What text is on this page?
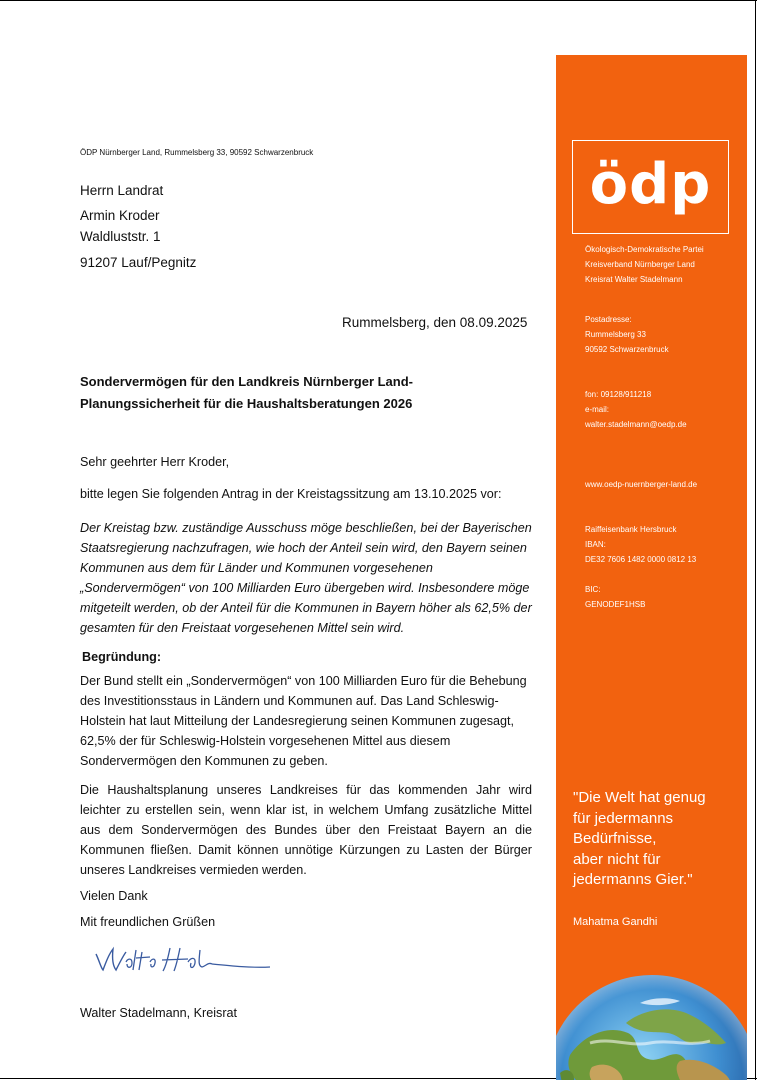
ÖDP Nürnberger Land, Rummelsberg 33, 90592 Schwarzenbruck
Herrn Landrat
Armin Kroder
Waldluststr. 1
91207 Lauf/Pegnitz
Rummelsberg, den 08.09.2025
Sondervermögen für den Landkreis Nürnberger Land-
Planungssicherheit für die Haushaltsberatungen 2026
Sehr geehrter Herr Kroder,
bitte legen Sie folgenden Antrag in der Kreistagssitzung am 13.10.2025 vor:
Der Kreistag bzw. zuständige Ausschuss möge beschließen, bei der Bayerischen Staatsregierung nachzufragen, wie hoch der Anteil sein wird, den Bayern seinen Kommunen aus dem für Länder und Kommunen vorgesehenen „Sondervermögen“ von 100 Milliarden Euro übergeben wird. Insbesondere möge mitgeteilt werden, ob der Anteil für die Kommunen in Bayern höher als 62,5% der gesamten für den Freistaat vorgesehenen Mittel sein wird.
Begründung:
Der Bund stellt ein „Sondervermögen“ von 100 Milliarden Euro für die Behebung des Investitionsstaus in Ländern und Kommunen auf. Das Land Schleswig-Holstein hat laut Mitteilung der Landesregierung seinen Kommunen zugesagt, 62,5% der für Schleswig-Holstein vorgesehenen Mittel aus diesem Sondervermögen den Kommunen zu geben.
Die Haushaltsplanung unseres Landkreises für das kommenden Jahr wird leichter zu erstellen sein, wenn klar ist, in welchem Umfang zusätzliche Mittel aus dem Sondervermögen des Bundes über den Freistaat Bayern an die Kommunen fließen. Damit können unnötige Kürzungen zu Lasten der Bürger unseres Landkreises vermieden werden.
Vielen Dank
Mit freundlichen Grüßen
Walter Stadelmann, Kreisrat
ödp
Ökologisch-Demokratische Partei
Kreisverband Nürnberger Land
Kreisrat Walter Stadelmann
Postadresse:
Rummelsberg 33
90592 Schwarzenbruck
fon: 09128/911218
e-mail:
walter.stadelmann@oedp.de
www.oedp-nuernberger-land.de
Raiffeisenbank Hersbruck
IBAN:
DE32 7606 1482 0000 0812 13
BIC:
GENODEF1HSB
"Die Welt hat genug
für jedermanns
Bedürfnisse,
aber nicht für
jedermanns Gier."
Mahatma Gandhi
